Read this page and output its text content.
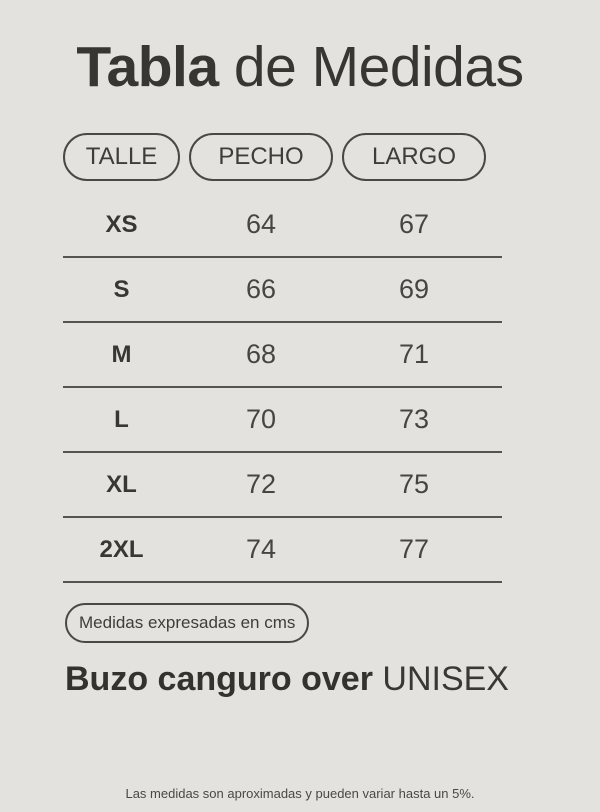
Tabla de Medidas
TALLE	PECHO	LARGO
XS	64	67
S	66	69
M	68	71
L	70	73
XL	72	75
2XL	74	77
Medidas expresadas en cms
Buzo canguro over UNISEX
Las medidas son aproximadas y pueden variar hasta un 5%.
